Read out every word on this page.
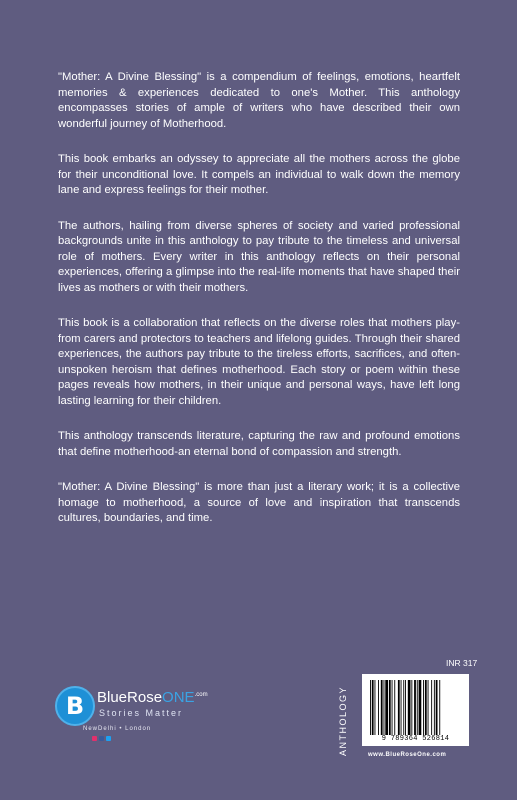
"Mother: A Divine Blessing" is a compendium of feelings, emotions, heartfelt memories & experiences dedicated to one's Mother. This anthology encompasses stories of ample of writers who have described their own wonderful journey of Motherhood.

This book embarks an odyssey to appreciate all the mothers across the globe for their unconditional love. It compels an individual to walk down the memory lane and express feelings for their mother.

The authors, hailing from diverse spheres of society and varied professional backgrounds unite in this anthology to pay tribute to the timeless and universal role of mothers. Every writer in this anthology reflects on their personal experiences, offering a glimpse into the real-life moments that have shaped their lives as mothers or with their mothers.

This book is a collaboration that reflects on the diverse roles that mothers play-from carers and protectors to teachers and lifelong guides. Through their shared experiences, the authors pay tribute to the tireless efforts, sacrifices, and often-unspoken heroism that defines motherhood. Each story or poem within these pages reveals how mothers, in their unique and personal ways, have left long lasting learning for their children.

This anthology transcends literature, capturing the raw and profound emotions that define motherhood-an eternal bond of compassion and strength.

"Mother: A Divine Blessing" is more than just a literary work; it is a collective homage to motherhood, a source of love and inspiration that transcends cultures, boundaries, and time.

B BlueRoseONE$^{.com}$
Stories Matter
NewDelhi • London
INR 317
ANTHOLOGY	9 789364 526814
www.BlueRoseOne.com
